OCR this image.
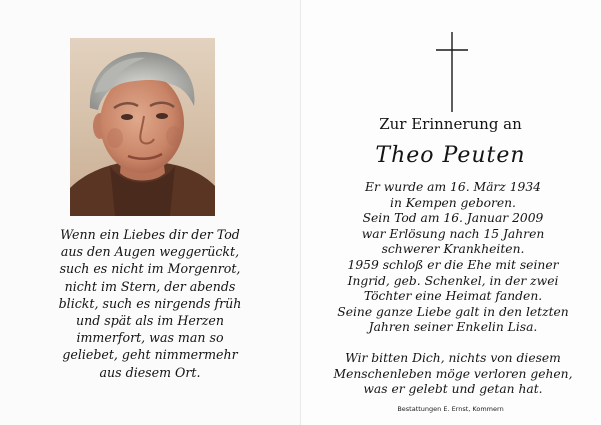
Wenn ein Liebes dir der Tod
aus den Augen weggerückt,
such es nicht im Morgenrot,
nicht im Stern, der abends
blickt, such es nirgends früh
und spät als im Herzen
immerfort, was man so
geliebet, geht nimmermehr
aus diesem Ort.
Zur Erinnerung an
Theo Peuten
Er wurde am 16. März 1934
in Kempen geboren.
Sein Tod am 16. Januar 2009
war Erlösung nach 15 Jahren
schwerer Krankheiten.
1959 schloß er die Ehe mit seiner
Ingrid, geb. Schenkel, in der zwei
Töchter eine Heimat fanden.
Seine ganze Liebe galt in den letzten
Jahren seiner Enkelin Lisa.
Wir bitten Dich, nichts von diesem
Menschenleben möge verloren gehen,
was er gelebt und getan hat.
Bestattungen E. Ernst, Kommern
